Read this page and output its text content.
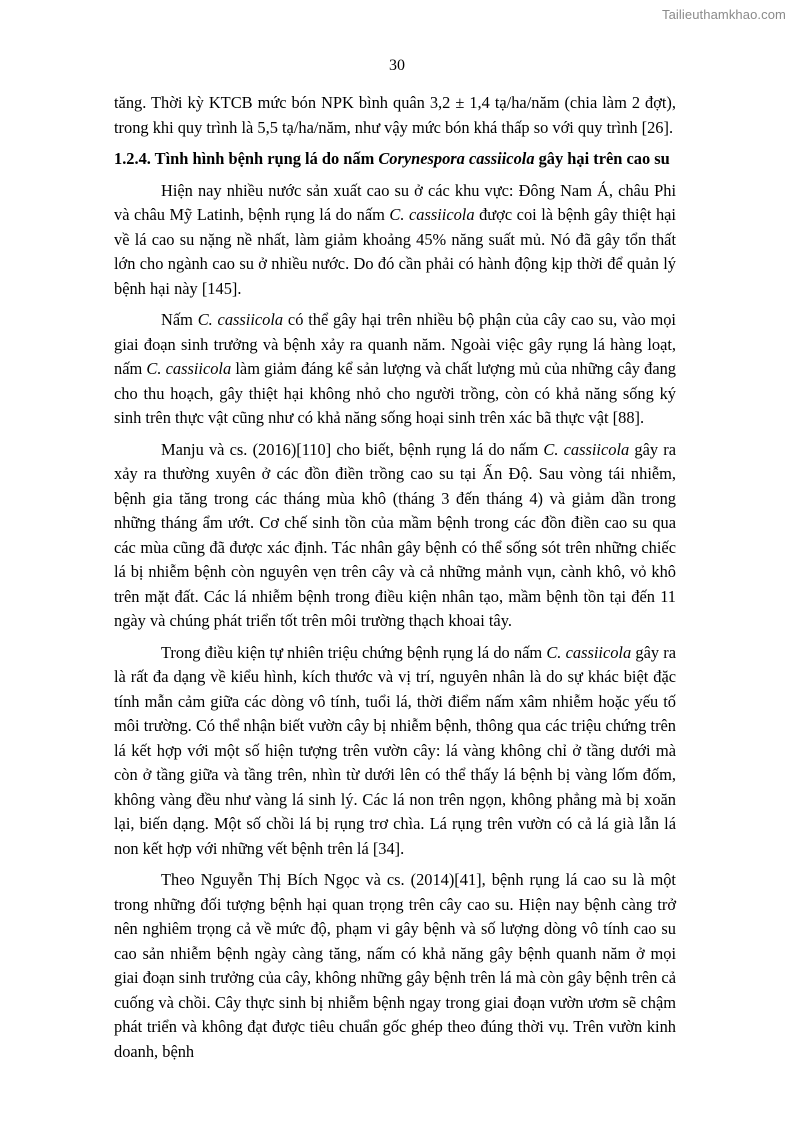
Tailieuthamkhao.com
30

tăng. Thời kỳ KTCB mức bón NPK bình quân 3,2 ± 1,4 tạ/ha/năm (chia làm 2 đợt), trong khi quy trình là 5,5 tạ/ha/năm, như vậy mức bón khá thấp so với quy trình [26].

1.2.4. Tình hình bệnh rụng lá do nấm Corynespora cassiicola gây hại trên cao su

Hiện nay nhiều nước sản xuất cao su ở các khu vực: Đông Nam Á, châu Phi và châu Mỹ Latinh, bệnh rụng lá do nấm C. cassiicola được coi là bệnh gây thiệt hại về lá cao su nặng nề nhất, làm giảm khoảng 45% năng suất mủ. Nó đã gây tổn thất lớn cho ngành cao su ở nhiều nước. Do đó cần phải có hành động kịp thời để quản lý bệnh hại này [145].

Nấm C. cassiicola có thể gây hại trên nhiều bộ phận của cây cao su, vào mọi giai đoạn sinh trưởng và bệnh xảy ra quanh năm. Ngoài việc gây rụng lá hàng loạt, nấm C. cassiicola làm giảm đáng kể sản lượng và chất lượng mủ của những cây đang cho thu hoạch, gây thiệt hại không nhỏ cho người trồng, còn có khả năng sống ký sinh trên thực vật cũng như có khả năng sống hoại sinh trên xác bã thực vật [88].

Manju và cs. (2016)[110] cho biết, bệnh rụng lá do nấm C. cassiicola gây ra xảy ra thường xuyên ở các đồn điền trồng cao su tại Ấn Độ. Sau vòng tái nhiễm, bệnh gia tăng trong các tháng mùa khô (tháng 3 đến tháng 4) và giảm dần trong những tháng ẩm ướt. Cơ chế sinh tồn của mầm bệnh trong các đồn điền cao su qua các mùa cũng đã được xác định. Tác nhân gây bệnh có thể sống sót trên những chiếc lá bị nhiễm bệnh còn nguyên vẹn trên cây và cả những mảnh vụn, cành khô, vỏ khô trên mặt đất. Các lá nhiễm bệnh trong điều kiện nhân tạo, mầm bệnh tồn tại đến 11 ngày và chúng phát triển tốt trên môi trường thạch khoai tây.

Trong điều kiện tự nhiên triệu chứng bệnh rụng lá do nấm C. cassiicola gây ra là rất đa dạng về kiểu hình, kích thước và vị trí, nguyên nhân là do sự khác biệt đặc tính mẫn cảm giữa các dòng vô tính, tuổi lá, thời điểm nấm xâm nhiễm hoặc yếu tố môi trường. Có thể nhận biết vườn cây bị nhiễm bệnh, thông qua các triệu chứng trên lá kết hợp với một số hiện tượng trên vườn cây: lá vàng không chỉ ở tầng dưới mà còn ở tầng giữa và tầng trên, nhìn từ dưới lên có thể thấy lá bệnh bị vàng lốm đốm, không vàng đều như vàng lá sinh lý. Các lá non trên ngọn, không phẳng mà bị xoăn lại, biến dạng. Một số chồi lá bị rụng trơ chìa. Lá rụng trên vườn có cả lá già lẫn lá non kết hợp với những vết bệnh trên lá [34].

Theo Nguyễn Thị Bích Ngọc và cs. (2014)[41], bệnh rụng lá cao su là một trong những đối tượng bệnh hại quan trọng trên cây cao su. Hiện nay bệnh càng trở nên nghiêm trọng cả về mức độ, phạm vi gây bệnh và số lượng dòng vô tính cao su cao sản nhiễm bệnh ngày càng tăng, nấm có khả năng gây bệnh quanh năm ở mọi giai đoạn sinh trưởng của cây, không những gây bệnh trên lá mà còn gây bệnh trên cả cuống và chồi. Cây thực sinh bị nhiễm bệnh ngay trong giai đoạn vườn ươm sẽ chậm phát triển và không đạt được tiêu chuẩn gốc ghép theo đúng thời vụ. Trên vườn kinh doanh, bệnh
